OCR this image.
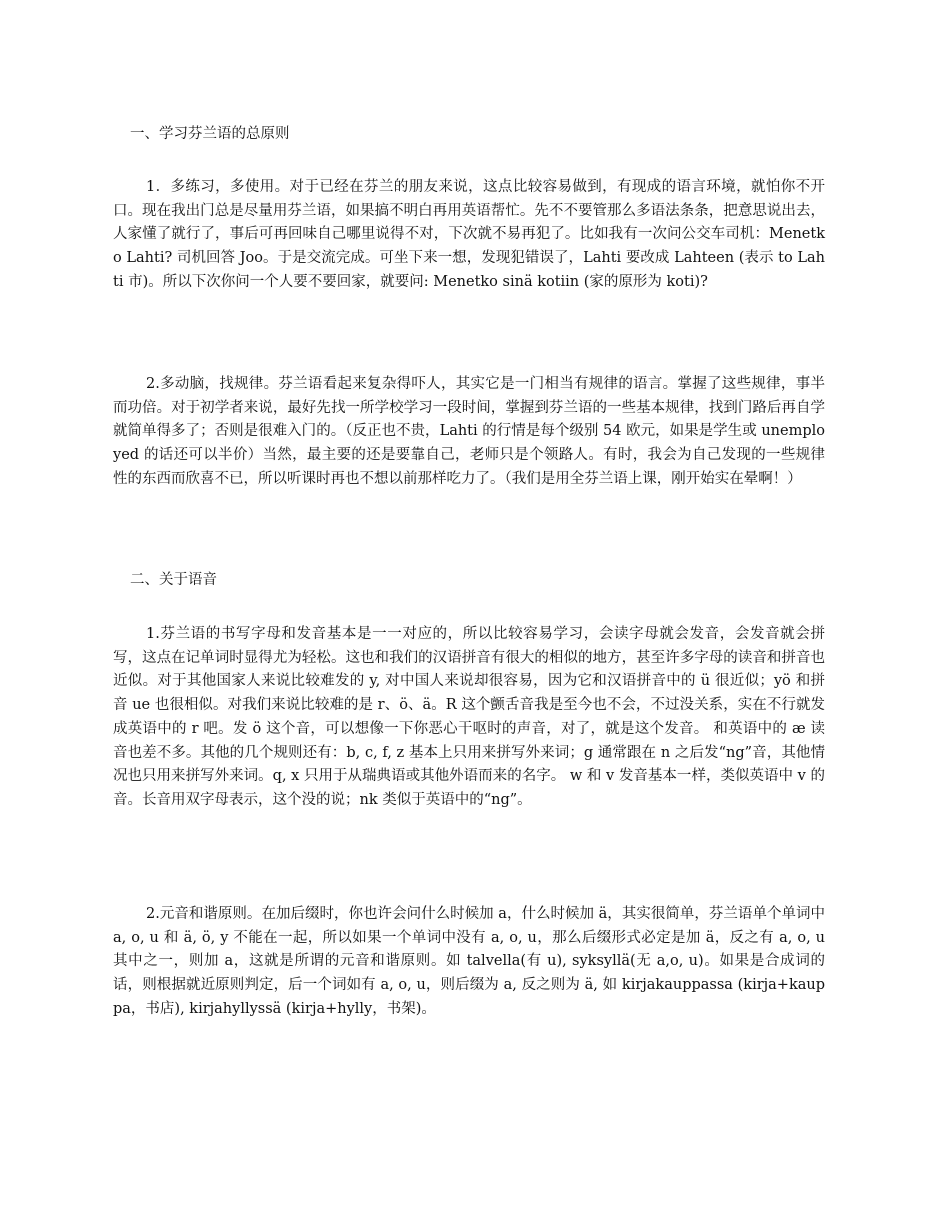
一、学习芬兰语的总原则

1．多练习，多使用。对于已经在芬兰的朋友来说，这点比较容易做到，有现成的语言环境，就怕你不开口。现在我出门总是尽量用芬兰语，如果搞不明白再用英语帮忙。先不不要管那么多语法条条，把意思说出去，人家懂了就行了，事后可再回味自己哪里说得不对，下次就不易再犯了。比如我有一次问公交车司机：Menetko Lahti? 司机回答 Joo。于是交流完成。可坐下来一想，发现犯错误了，Lahti 要改成 Lahteen (表示 to Lahti 市)。所以下次你问一个人要不要回家，就要问: Menetko sinä kotiin (家的原形为 koti)?

2.多动脑，找规律。芬兰语看起来复杂得吓人，其实它是一门相当有规律的语言。掌握了这些规律，事半而功倍。对于初学者来说，最好先找一所学校学习一段时间，掌握到芬兰语的一些基本规律，找到门路后再自学就简单得多了；否则是很难入门的。（反正也不贵，Lahti 的行情是每个级别 54 欧元，如果是学生或 unemployed 的话还可以半价）当然，最主要的还是要靠自己，老师只是个领路人。有时，我会为自己发现的一些规律性的东西而欣喜不已，所以听课时再也不想以前那样吃力了。（我们是用全芬兰语上课，刚开始实在晕啊！）

二、关于语音

1.芬兰语的书写字母和发音基本是一一对应的，所以比较容易学习，会读字母就会发音，会发音就会拼写，这点在记单词时显得尤为轻松。这也和我们的汉语拼音有很大的相似的地方，甚至许多字母的读音和拼音也近似。对于其他国家人来说比较难发的 y, 对中国人来说却很容易，因为它和汉语拼音中的 ü 很近似；yö 和拼音 ue 也很相似。对我们来说比较难的是 r、ö、ä。R 这个颤舌音我是至今也不会，不过没关系，实在不行就发成英语中的 r 吧。发 ö 这个音，可以想像一下你恶心干呕时的声音，对了，就是这个发音。 和英语中的 æ 读音也差不多。其他的几个规则还有：b, c, f, z 基本上只用来拼写外来词；g 通常跟在 n 之后发“ng”音，其他情况也只用来拼写外来词。q, x 只用于从瑞典语或其他外语而来的名字。 w 和 v 发音基本一样，类似英语中 v 的音。长音用双字母表示，这个没的说；nk 类似于英语中的“ng”。

2.元音和谐原则。在加后缀时，你也许会问什么时候加 a，什么时候加 ä，其实很简单，芬兰语单个单词中 a, o, u 和 ä, ö, y 不能在一起，所以如果一个单词中没有 a, o, u，那么后缀形式必定是加 ä，反之有 a, o, u 其中之一，则加 a，这就是所谓的元音和谐原则。如 talvella(有 u), syksyllä(无 a,o, u)。如果是合成词的话，则根据就近原则判定，后一个词如有 a, o, u，则后缀为 a, 反之则为 ä, 如 kirjakauppassa (kirja+kauppa，书店), kirjahyllyssä (kirja+hylly，书架)。
